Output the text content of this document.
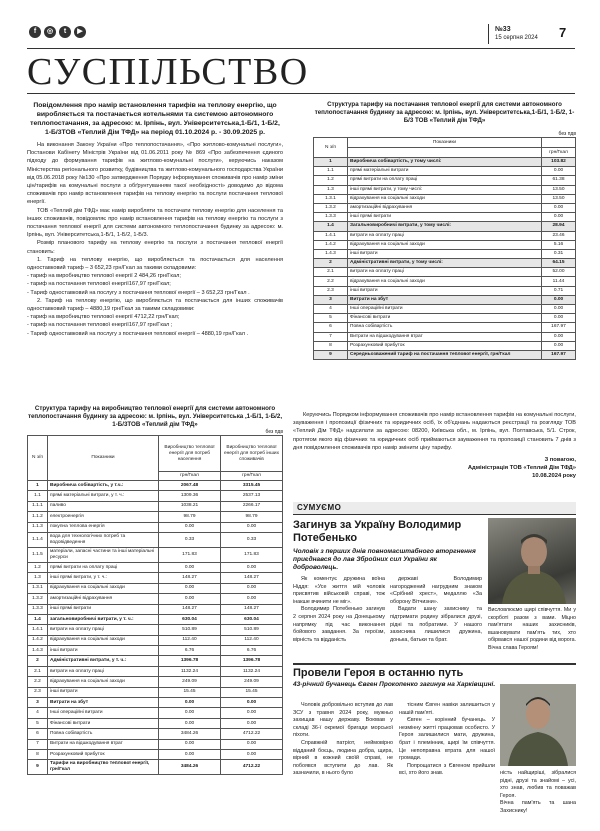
f	◎	t	▶	№33
15 серпня 2024 7
СУСПІЛЬСТВО
Повідомлення про намір встановлення тарифів на теплову енергію, що виробляється та постачається котельнями та системою автономного теплопостачання, за адресою: м. Ірпінь, вул. Університетська,1-Б/1, 1-Б/2, 1-Б/3ТОВ «Теплий Дім ТФД» на період 01.10.2024 р. - 30.09.2025 р.

На виконання Закону України «Про теплопостачання», «Про житлово-комунальні послуги», Постанови Кабінету Міністрів України від 01.06.2011 року № 869 «Про забезпечення єдиного підходу до формування тарифів на житлово-комунальні послуги», керуючись наказом Міністерства регіонального розвитку, будівництва та житлово-комунального господарства України від 05.06.2018 року №130 «Про затвердження Порядку інформування споживачів про намір зміни цін/тарифів на комунальні послуги з обґрунтуванням такої необхідності» доводимо до відома споживачів про намір встановлення тарифів на теплову енергію та послуги постачання теплової енергії.

ТОВ «Теплий дім ТФД» має намір виробляти та постачати теплову енергію для населення та інших споживачів, повідомляє про намір встановлення тарифів на теплову енергію та послуги з постачання теплової енергії для системи автономного теплопостачання будинку за адресою: м. Ірпінь, вул. Університетська,1-Б/1, 1-Б/2, 1-Б/3.

Розмір планового тарифу на теплову енергію та послуги з постачання теплової енергії становить:

1. Тариф на теплову енергію, що виробляється та постачається для населення одноставковий тариф – 3 652,23 грн/Гкал за такими складовими:

- тариф на виробництво теплової енергії 2 484,26 грн/Гкал;
- тариф на постачання теплової енергії167,97 грн/Гкал;
- Тариф одноставковий на послугу з постачання теплової енергії – 3 652,23 грн/Гкал .

2. Тариф на теплову енергію, що виробляється та постачається для інших споживачів одноставковий тариф – 4880,19 грн/Гкал за такими складовими:

- тариф на виробництво теплової енергії 4712,22 грн/Гкал;
- тариф на постачання теплової енергії167,97 грн/Гкал ;
- Тариф одноставковий на послугу з постачання теплової енергії – 4880,19 грн/Гкал .
Структура тарифу на виробництво теплової енергії для системи автономного теплопостачання будинку за адресою: м. Ірпінь, вул. Університетська ,1-Б/1, 1-Б/2, 1-Б/3ТОВ «Теплий дім ТФД»
без пдв
N з/п	Показники	Виробництво теплової енергії для потреб населення	Виробництво теплової енергії для потреб інших споживачів
		грн/Гкал	грн/Гкал
1	Виробнича собівартість, у т.ч.:	2067.48	3315.45
1.1	прямі матеріальні витрати, у т. ч.:	1309.36	2537.13
1.1.1	паливо	1038.21	2266.17
1.1.2	електроенергія	98.79	98.79
1.1.3	покупна теплова енергія	0.00	0.00
1.1.4	вода для технологічних потреб та водовідведення	0.33	0.33
1.1.5	матеріали, запасні частини та інші матеріальні ресурси	171.83	171.83
1.2	прямі витрати на оплату праці	0.00	0.00
1.3	інші прямі витрати, у т. ч.:	148.27	148.27
1.3.1	відрахування на соціальні заходи	0.00	0.00
1.3.2	амортизаційні відрахування	0.00	0.00
1.3.3	інші прямі витрати	148.27	148.27
1.4	загальновиробничі витрати, у т. ч.:	630.04	630.04
1.4.1	витрати на оплату праці	510.89	510.89
1.4.2	відрахування на соціальні заходи	112.40	112.40
1.4.3	інші витрати	6.76	6.76
2	Адміністративні витрати, у т. ч.:	1396.78	1396.78
2.1	витрати на оплату праці	1132.24	1132.24
2.2	відрахування на соціальні заходи	249.09	249.09
2.3	інші витрати	15.45	15.45
3	Витрати на збут	0.00	0.00
4	Інші операційні витрати	0.00	0.00
5	Фінансові витрати	0.00	0.00
6	Повна собівартість	3484.26	4712.22
7	Витрати на відшкодування втрат	0.00	0.00
8	Розрахунковий прибуток	0.00	0.00
9	Тарифи на виробництво теплової енергії, грн/Гкал	3484.26	4712.22
Структура тарифу на постачання теплової енергії для системи автономного теплопостачання будинку за адресою: м. Ірпінь, вул. Університетська,1-Б/1, 1-Б/2, 1-Б/3 ТОВ «Теплий дім ТФД»
без пдв
N з/п	Показники	
		грн/Гкал
1	Виробнича собівартість, у тому числі:	103.82
1.1	прямі матеріальні витрати	0.00
1.2	прямі витрати на оплату праці	61.38
1.3	інші прямі витрати, у тому числі:	13.50
1.3.1	відрахування на соціальні заходи	13.50
1.3.2	амортизаційні відрахування	0.00
1.3.3	інші прямі витрати	0.00
1.4	Загальновиробничі витрати, у тому числі:	28.94
1.4.1	витрати на оплату праці	23.46
1.4.2	відрахування на соціальні заходи	5.16
1.4.3	інші витрати	0.31
2	Адміністративні витрати, у тому числі:	64.15
2.1	витрати на оплату праці	52.00
2.2	відрахування на соціальні заходи	11.44
2.3	інші витрати	0.71
3	Витрати на збут	0.00
4	Інші операційні витрати	0.00
5	Фінансові витрати	0.00
6	Повна собівартість	167.97
7	Витрати на відшкодування втрат	0.00
8	Розрахунковий прибуток	0.00
9	Середньозважений тариф на постачання теплової енергії, грн/Гкал	167.97

Керуючись Порядком інформування споживачів про намір встановлення тарифів на комунальні послуги, зауваження і пропозиції фізичних та юридичних осіб, їх об'єднань надаються реєстрації та розгляду ТОВ «Теплий Дім ТФД» надсилати за адресою: 08200, Київська обл., м. Ірпінь, вул. Полтавська, 5/1. Строк, протягом якого від фізичних та юридичних осіб приймаються зауваження та пропозиції становить 7 днів з дня повідомлення споживачів про намір змінити ціну тарифу.

З повагою,
Адміністрація ТОВ «Теплий Дім ТФД»
10.08.2024 року
СУМУЄМО
Загинув за Україну Володимир Потебенько
Чоловік з перших днів повномасштабного вторгнення приєднався до лав Збройних сил України як доброволець.

Як коментує дружина воїна Ніддя: «Усе життя мій чоловік присвятив військовій справі, тож інакше вчинити не міг».

Володимир Потебенько загинув 2 серпня 2024 року на Донецькому напрямку під час виконання бойового завдання. За героїзм, вірність та відданість

державі Володимир нагороджений нагрудним знаком «Срібний хрест», медаллю «За оборону Вітчизни».

Вадати шану захиснику та підтримати родину зібралися друзі, рідні та побратими. У нашого захисника лишилися дружина, донька, батьки та брат.

Висловлюємо щирі співчуття. Ми у скорботі разом з вами. Міцно пам'ятати наших захисників, вшановувати пам'ять тих, хто обірвався нашої родини від ворога. Вічна слава Героям!
Провели Героя в останню путь
43-річний бучанець Євген Прокопенко загинув на Харківщині.

Чоловік добровільно вступив до лав ЗСУ з травня 2024 року, мужньо захищав нашу державу. Воював у складі 36-ї окремої бригади морської піхоти.

Справжній патріот, неймовірно відданий боєць, людина добра, щира, вірний в кожний своїй справі, не побоявся вступити до лав. Як зазначили, в нього було

тісним Євген навіки залишиться у нашій пам'яті.

Євген – корінний бучанець. У незмінну житті працював особисто. У Героя залишилися мати, дружина, брат і племінник, щирі їм співчуття. Це непоправна втрата для нашої громади.

Попрощатися з Євгеном прийшли всі, хто його знав.	ність найщиріші, зібралися рідні, друзі та знайомі – усі, хто знав, любив та поважав Героя.
Вічна пам'ять та шана Захиснику!
